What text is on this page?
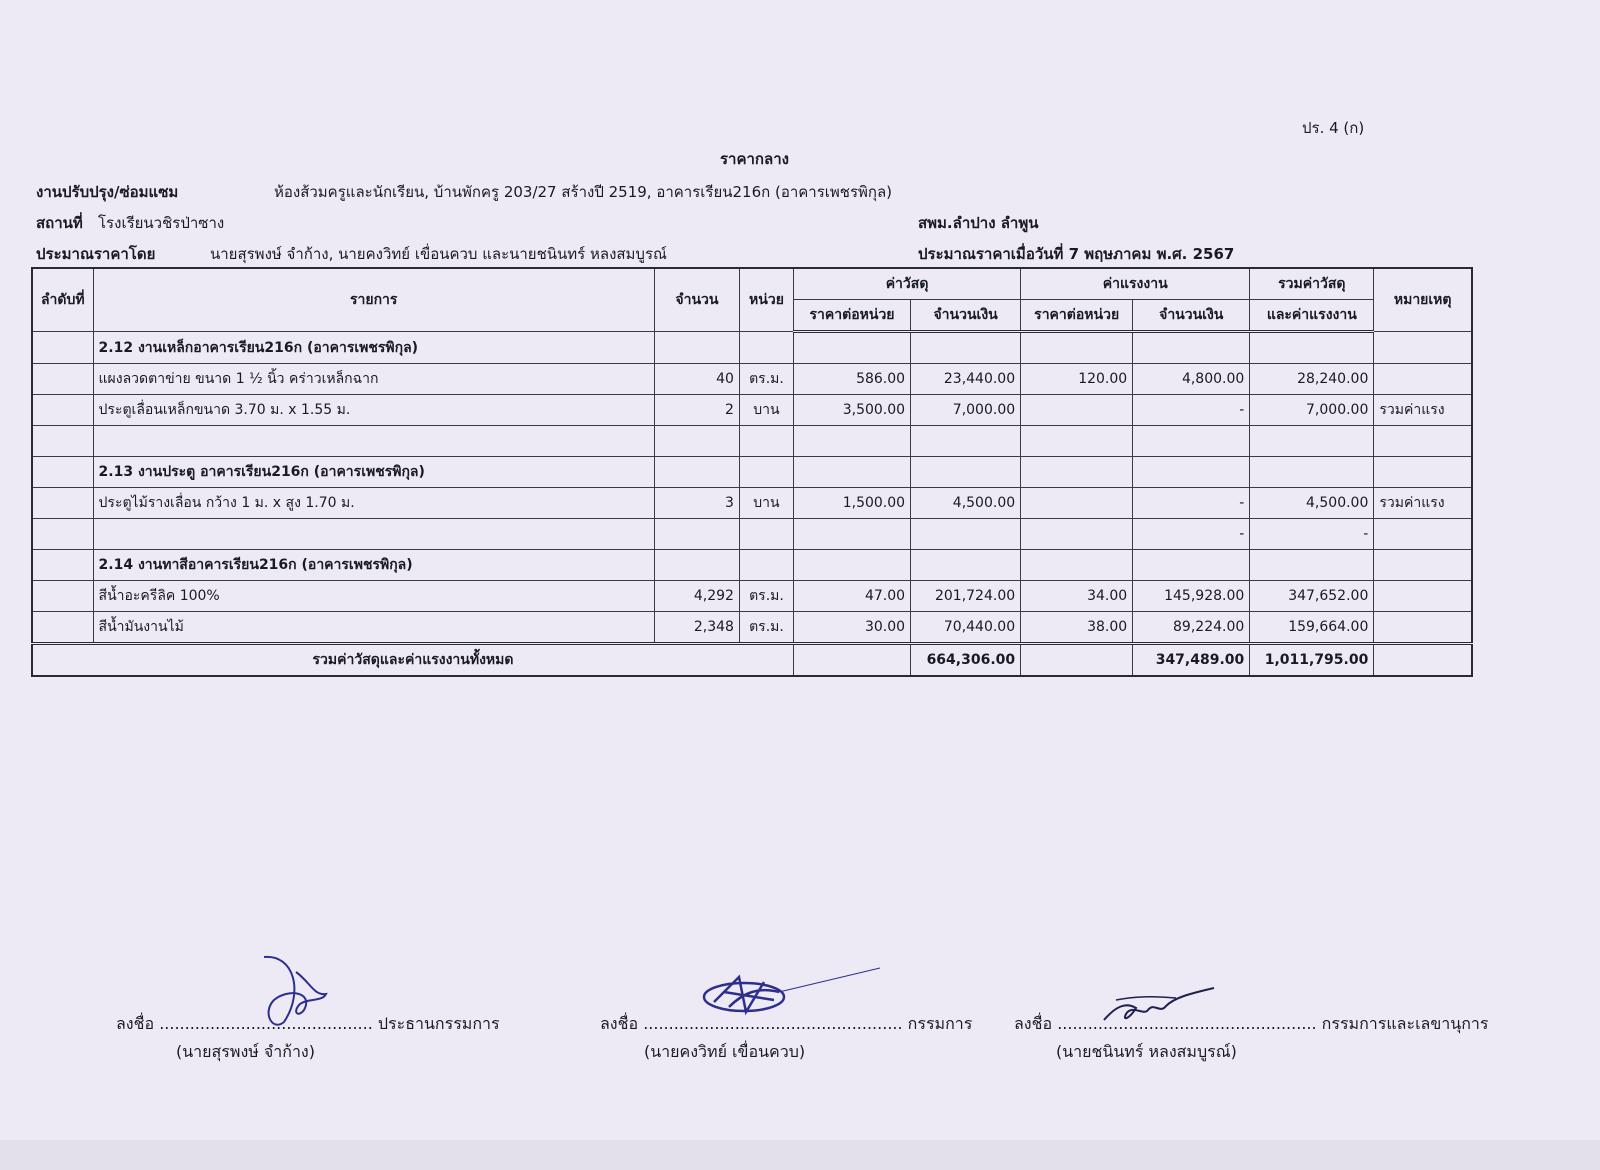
ปร. 4 (ก)
ราคากลาง
งานปรับปรุง/ซ่อมแซม	ห้องส้วมครูและนักเรียน, บ้านพักครู 203/27 สร้างปี 2519, อาคารเรียน216ก (อาคารเพชรพิกุล)
สถานที่ โรงเรียนวชิรป่าซาง	สพม.ลำปาง ลำพูน
ประมาณราคาโดย	นายสุรพงษ์ จำก้าง, นายคงวิทย์ เขื่อนควบ และนายชนินทร์ หลงสมบูรณ์	ประมาณราคาเมื่อวันที่ 7 พฤษภาคม พ.ศ. 2567
ลำดับที่	รายการ	จำนวน	หน่วย	ค่าวัสดุ		ค่าแรงงาน		รวมค่าวัสดุ	หมายเหตุ
				ราคาต่อหน่วย	จำนวนเงิน	ราคาต่อหน่วย	จำนวนเงิน	และค่าแรงงาน	
	2.12 งานเหล็กอาคารเรียน216ก (อาคารเพชรพิกุล)								
	แผงลวดตาข่าย ขนาด 1 ½ นิ้ว คร่าวเหล็กฉาก	40	ตร.ม.	586.00	23,440.00	120.00	4,800.00	28,240.00	
	ประตูเลื่อนเหล็กขนาด 3.70 ม. x 1.55 ม.	2	บาน	3,500.00	7,000.00		-	7,000.00	รวมค่าแรง

	2.13 งานประตู อาคารเรียน216ก (อาคารเพชรพิกุล)								
	ประตูไม้รางเลื่อน กว้าง 1 ม. x สูง 1.70 ม.	3	บาน	1,500.00	4,500.00		-	4,500.00	รวมค่าแรง
							-	-	
	2.14 งานทาสีอาคารเรียน216ก (อาคารเพชรพิกุล)								
	สีน้ำอะครีลิค 100%	4,292	ตร.ม.	47.00	201,724.00	34.00	145,928.00	347,652.00	
	สีน้ำมันงานไม้	2,348	ตร.ม.	30.00	70,440.00	38.00	89,224.00	159,664.00	
รวมค่าวัสดุและค่าแรงงานทั้งหมด					664,306.00		347,489.00	1,011,795.00	
ลงชื่อ .......................................... ประธานกรรมการ
(นายสุรพงษ์ จำก้าง)
ลงชื่อ ................................................... กรรมการ
(นายคงวิทย์ เขื่อนควบ)
ลงชื่อ ................................................... กรรมการและเลขานุการ
(นายชนินทร์ หลงสมบูรณ์)
